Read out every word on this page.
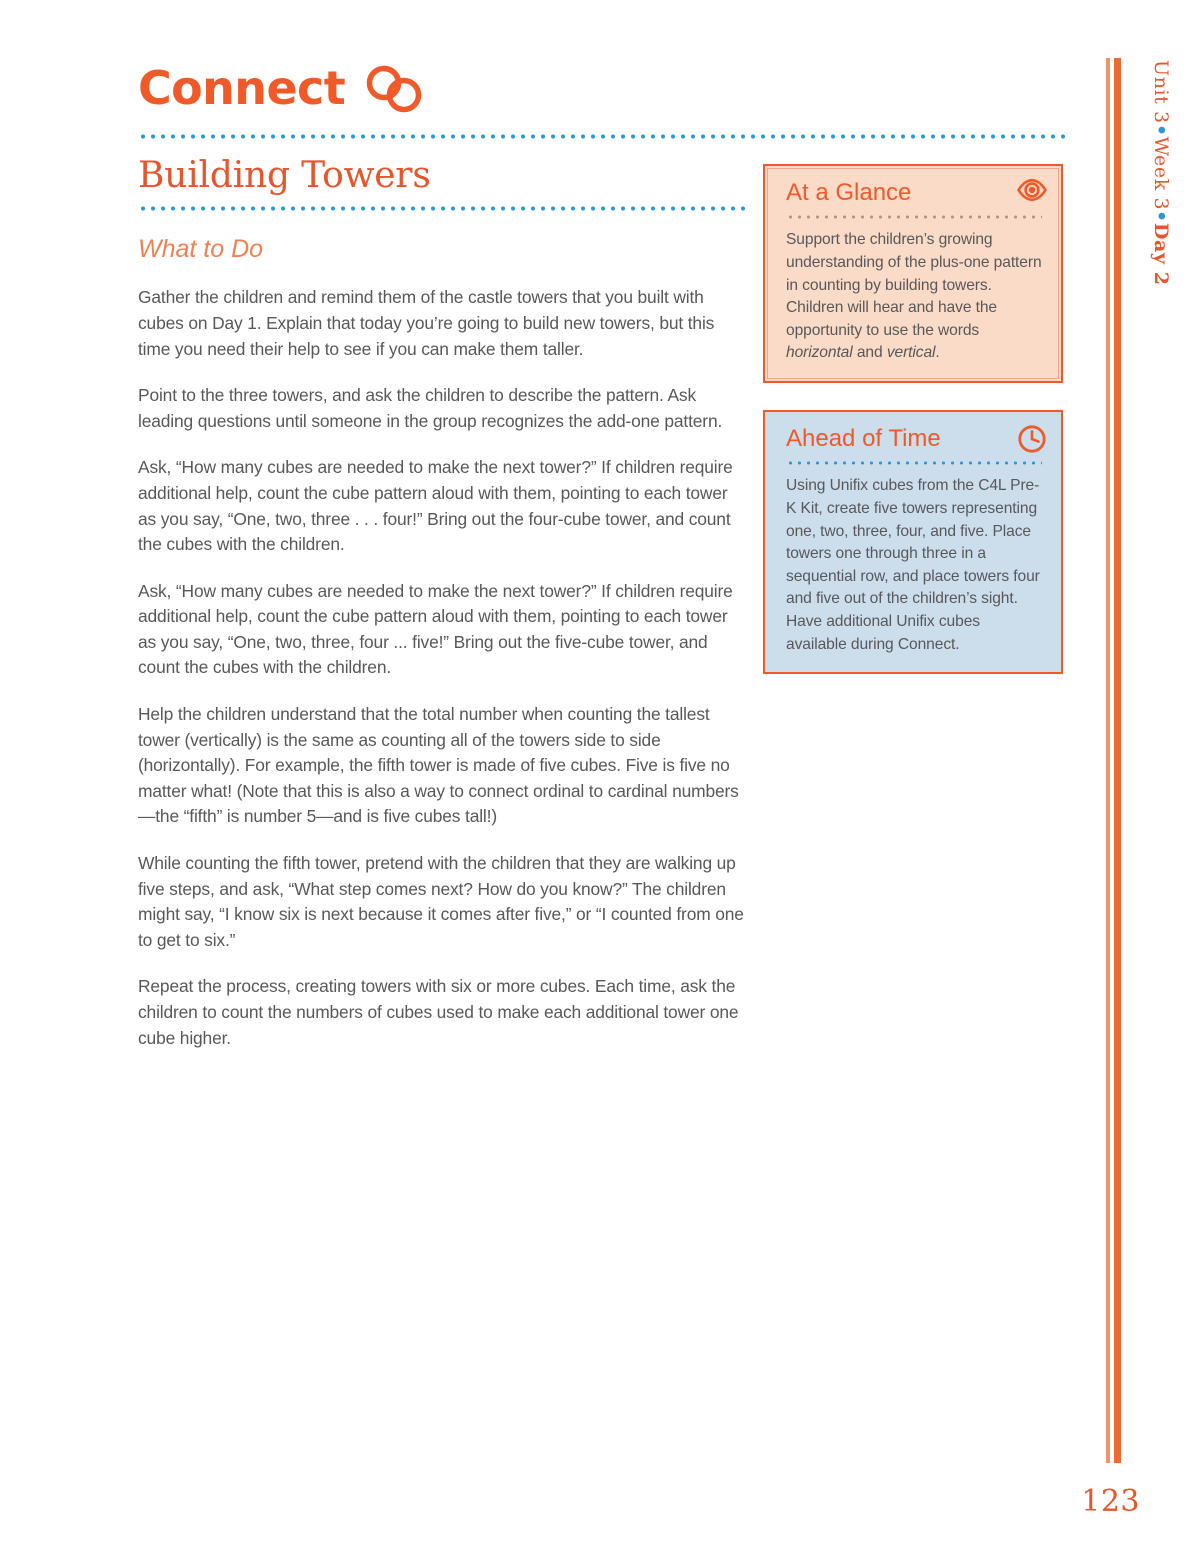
Connect
Building Towers
What to Do

Gather the children and remind them of the castle towers that you built with cubes on Day 1. Explain that today you’re going to build new towers, but this time you need their help to see if you can make them taller.

Point to the three towers, and ask the children to describe the pattern. Ask leading questions until someone in the group recognizes the add-one pattern.

Ask, “How many cubes are needed to make the next tower?” If children require additional help, count the cube pattern aloud with them, pointing to each tower as you say, “One, two, three . . . four!” Bring out the four-cube tower, and count the cubes with the children.

Ask, “How many cubes are needed to make the next tower?” If children require additional help, count the cube pattern aloud with them, pointing to each tower as you say, “One, two, three, four ... five!” Bring out the five-cube tower, and count the cubes with the children.

Help the children understand that the total number when counting the tallest tower (vertically) is the same as counting all of the towers side to side (horizontally). For example, the fifth tower is made of five cubes. Five is five no matter what! (Note that this is also a way to connect ordinal to cardinal numbers—the “fifth” is number 5—and is five cubes tall!)

While counting the fifth tower, pretend with the children that they are walking up five steps, and ask, “What step comes next? How do you know?” The children might say, “I know six is next because it comes after five,” or “I counted from one to get to six.”

Repeat the process, creating towers with six or more cubes. Each time, ask the children to count the numbers of cubes used to make each additional tower one cube higher.

At a Glance

Support the children’s growing understanding of the plus-one pattern in counting by building towers. Children will hear and have the opportunity to use the words horizontal and vertical.

Ahead of Time

Using Unifix cubes from the C4L Pre-K Kit, create five towers representing one, two, three, four, and five. Place towers one through three in a sequential row, and place towers four and five out of the children’s sight. Have additional Unifix cubes available during Connect.

Unit 3•Week 3•Day 2
123
